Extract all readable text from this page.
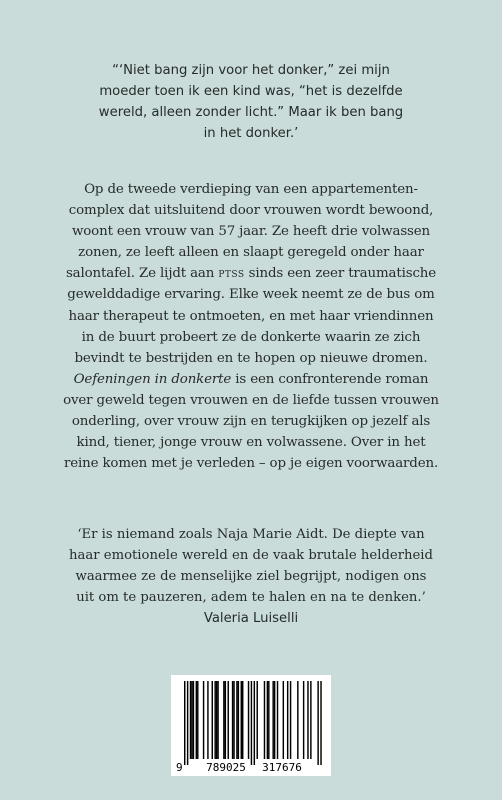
“‘Niet bang zijn voor het donker,” zei mijn
moeder toen ik een kind was, “het is dezelfde
wereld, alleen zonder licht.” Maar ik ben bang
in het donker.’
Op de tweede verdieping van een appartementen-
complex dat uitsluitend door vrouwen wordt bewoond,
woont een vrouw van 57 jaar. Ze heeft drie volwassen
zonen, ze leeft alleen en slaapt geregeld onder haar
salontafel. Ze lijdt aan ptss sinds een zeer traumatische
gewelddadige ervaring. Elke week neemt ze de bus om
haar therapeut te ontmoeten, en met haar vriendinnen
in de buurt probeert ze de donkerte waarin ze zich
bevindt te bestrijden en te hopen op nieuwe dromen.
Oefeningen in donkerte is een confronterende roman
over geweld tegen vrouwen en de liefde tussen vrouwen
onderling, over vrouw zijn en terugkijken op jezelf als
kind, tiener, jonge vrouw en volwassene. Over in het
reine komen met je verleden – op je eigen voorwaarden.
‘Er is niemand zoals Naja Marie Aidt. De diepte van
haar emotionele wereld en de vaak brutale helderheid
waarmee ze de menselijke ziel begrijpt, nodigen ons
uit om te pauzeren, adem te halen en na te denken.’
Valeria Luiselli
9 789025 317676
